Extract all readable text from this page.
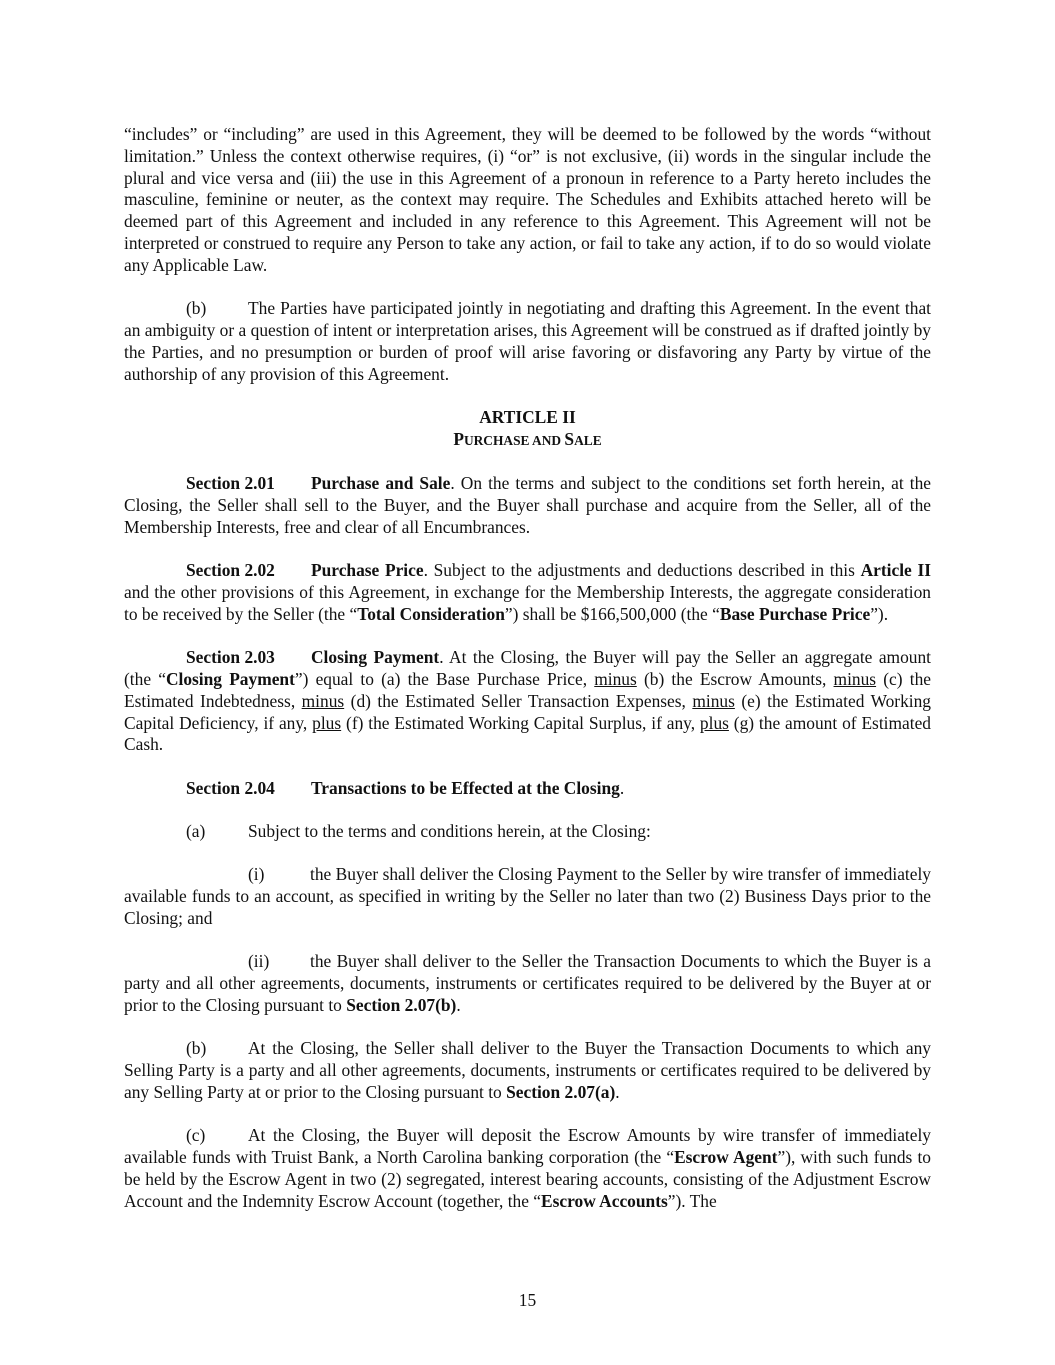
“includes” or “including” are used in this Agreement, they will be deemed to be followed by the words “without limitation.” Unless the context otherwise requires, (i) “or” is not exclusive, (ii) words in the singular include the plural and vice versa and (iii) the use in this Agreement of a pronoun in reference to a Party hereto includes the masculine, feminine or neuter, as the context may require. The Schedules and Exhibits attached hereto will be deemed part of this Agreement and included in any reference to this Agreement. This Agreement will not be interpreted or construed to require any Person to take any action, or fail to take any action, if to do so would violate any Applicable Law.

(b) The Parties have participated jointly in negotiating and drafting this Agreement. In the event that an ambiguity or a question of intent or interpretation arises, this Agreement will be construed as if drafted jointly by the Parties, and no presumption or burden of proof will arise favoring or disfavoring any Party by virtue of the authorship of any provision of this Agreement.

ARTICLE II

PURCHASE AND SALE

Section 2.01 Purchase and Sale. On the terms and subject to the conditions set forth herein, at the Closing, the Seller shall sell to the Buyer, and the Buyer shall purchase and acquire from the Seller, all of the Membership Interests, free and clear of all Encumbrances.

Section 2.02 Purchase Price. Subject to the adjustments and deductions described in this Article II and the other provisions of this Agreement, in exchange for the Membership Interests, the aggregate consideration to be received by the Seller (the “Total Consideration”) shall be $166,500,000 (the “Base Purchase Price”).

Section 2.03 Closing Payment. At the Closing, the Buyer will pay the Seller an aggregate amount (the “Closing Payment”) equal to (a) the Base Purchase Price, minus (b) the Escrow Amounts, minus (c) the Estimated Indebtedness, minus (d) the Estimated Seller Transaction Expenses, minus (e) the Estimated Working Capital Deficiency, if any, plus (f) the Estimated Working Capital Surplus, if any, plus (g) the amount of Estimated Cash.

Section 2.04 Transactions to be Effected at the Closing.

(a) Subject to the terms and conditions herein, at the Closing:

(i)	the Buyer shall deliver the Closing Payment to the Seller by wire transfer of immediately available funds to an account, as specified in writing by the Seller no later than two (2) Business Days prior to the Closing; and

(ii) the Buyer shall deliver to the Seller the Transaction Documents to which the Buyer is a party and all other agreements, documents, instruments or certificates required to be delivered by the Buyer at or prior to the Closing pursuant to Section 2.07(b).

(b) At the Closing, the Seller shall deliver to the Buyer the Transaction Documents to which any Selling Party is a party and all other agreements, documents, instruments or certificates required to be delivered by any Selling Party at or prior to the Closing pursuant to Section 2.07(a).

(c) At the Closing, the Buyer will deposit the Escrow Amounts by wire transfer of immediately available funds with Truist Bank, a North Carolina banking corporation (the “Escrow Agent”), with such funds to be held by the Escrow Agent in two (2) segregated, interest bearing accounts, consisting of the Adjustment Escrow Account and the Indemnity Escrow Account (together, the “Escrow Accounts”). The

15
